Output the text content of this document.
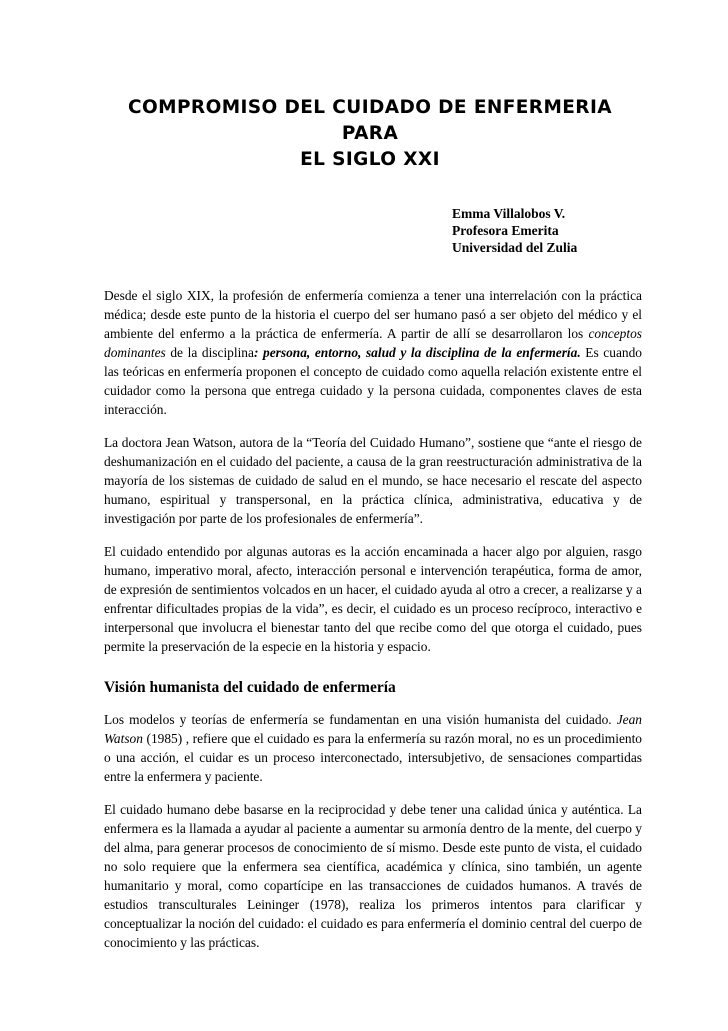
COMPROMISO DEL CUIDADO DE ENFERMERIA PARA
EL SIGLO XXI
Emma Villalobos V.
Profesora Emerita
Universidad del Zulia

Desde el siglo XIX, la profesión de enfermería comienza a tener una interrelación con la práctica médica; desde este punto de la historia el cuerpo del ser humano pasó a ser objeto del médico y el ambiente del enfermo a la práctica de enfermería. A partir de allí se desarrollaron los conceptos dominantes de la disciplina: persona, entorno, salud y la disciplina de la enfermería. Es cuando las teóricas en enfermería proponen el concepto de cuidado como aquella relación existente entre el cuidador como la persona que entrega cuidado y la persona cuidada, componentes claves de esta interacción.

La doctora Jean Watson, autora de la “Teoría del Cuidado Humano”, sostiene que “ante el riesgo de deshumanización en el cuidado del paciente, a causa de la gran reestructuración administrativa de la mayoría de los sistemas de cuidado de salud en el mundo, se hace necesario el rescate del aspecto humano, espiritual y transpersonal, en la práctica clínica, administrativa, educativa y de investigación por parte de los profesionales de enfermería”.

El cuidado entendido por algunas autoras es la acción encaminada a hacer algo por alguien, rasgo humano, imperativo moral, afecto, interacción personal e intervención terapéutica, forma de amor, de expresión de sentimientos volcados en un hacer, el cuidado ayuda al otro a crecer, a realizarse y a enfrentar dificultades propias de la vida”, es decir, el cuidado es un proceso recíproco, interactivo e interpersonal que involucra el bienestar tanto del que recibe como del que otorga el cuidado, pues permite la preservación de la especie en la historia y espacio.

Visión humanista del cuidado de enfermería

Los modelos y teorías de enfermería se fundamentan en una visión humanista del cuidado. Jean Watson (1985) , refiere que el cuidado es para la enfermería su razón moral, no es un procedimiento o una acción, el cuidar es un proceso interconectado, intersubjetivo, de sensaciones compartidas entre la enfermera y paciente.

El cuidado humano debe basarse en la reciprocidad y debe tener una calidad única y auténtica. La enfermera es la llamada a ayudar al paciente a aumentar su armonía dentro de la mente, del cuerpo y del alma, para generar procesos de conocimiento de sí mismo. Desde este punto de vista, el cuidado no solo requiere que la enfermera sea científica, académica y clínica, sino también, un agente humanitario y moral, como copartícipe en las transacciones de cuidados humanos. A través de estudios transculturales Leininger (1978), realiza los primeros intentos para clarificar y conceptualizar la noción del cuidado: el cuidado es para enfermería el dominio central del cuerpo de conocimiento y las prácticas.
